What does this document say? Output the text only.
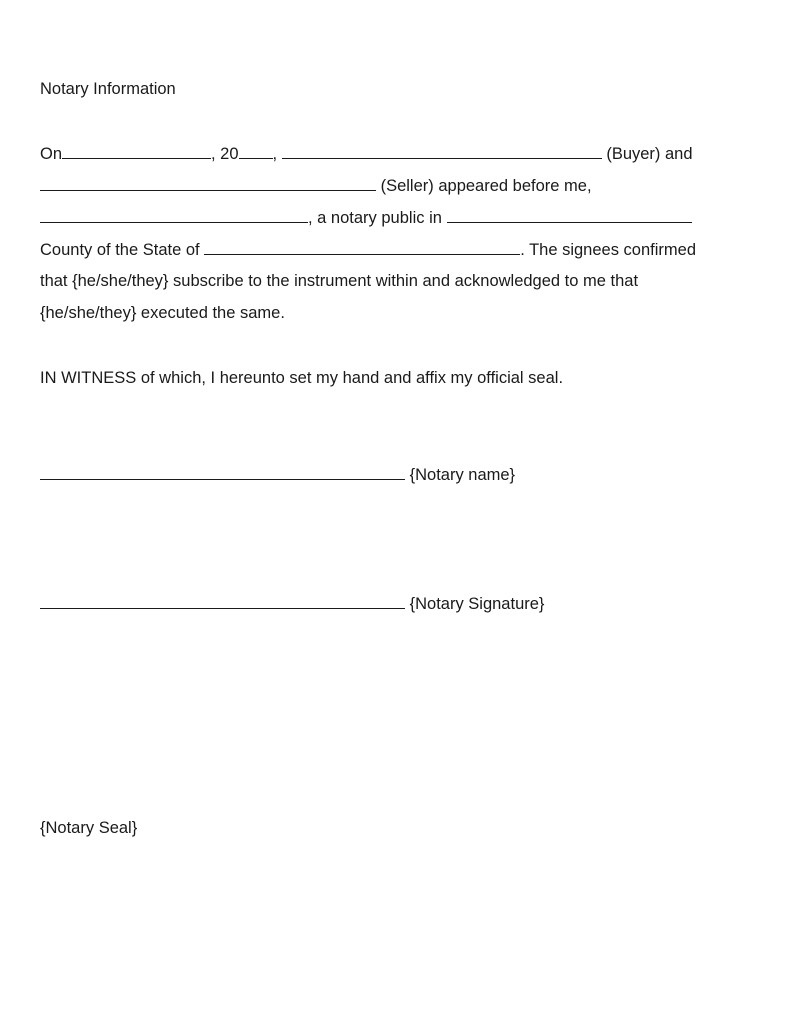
Notary Information
On	, 20 ,	(Buyer) and
(Seller) appeared before me,
, a notary public in
County of the State of	. The signees confirmed
that {he/she/they} subscribe to the instrument within and acknowledged to me that
{he/she/they} executed the same.
IN WITNESS of which, I hereunto set my hand and affix my official seal.
{Notary name}
{Notary Signature}
{Notary Seal}
